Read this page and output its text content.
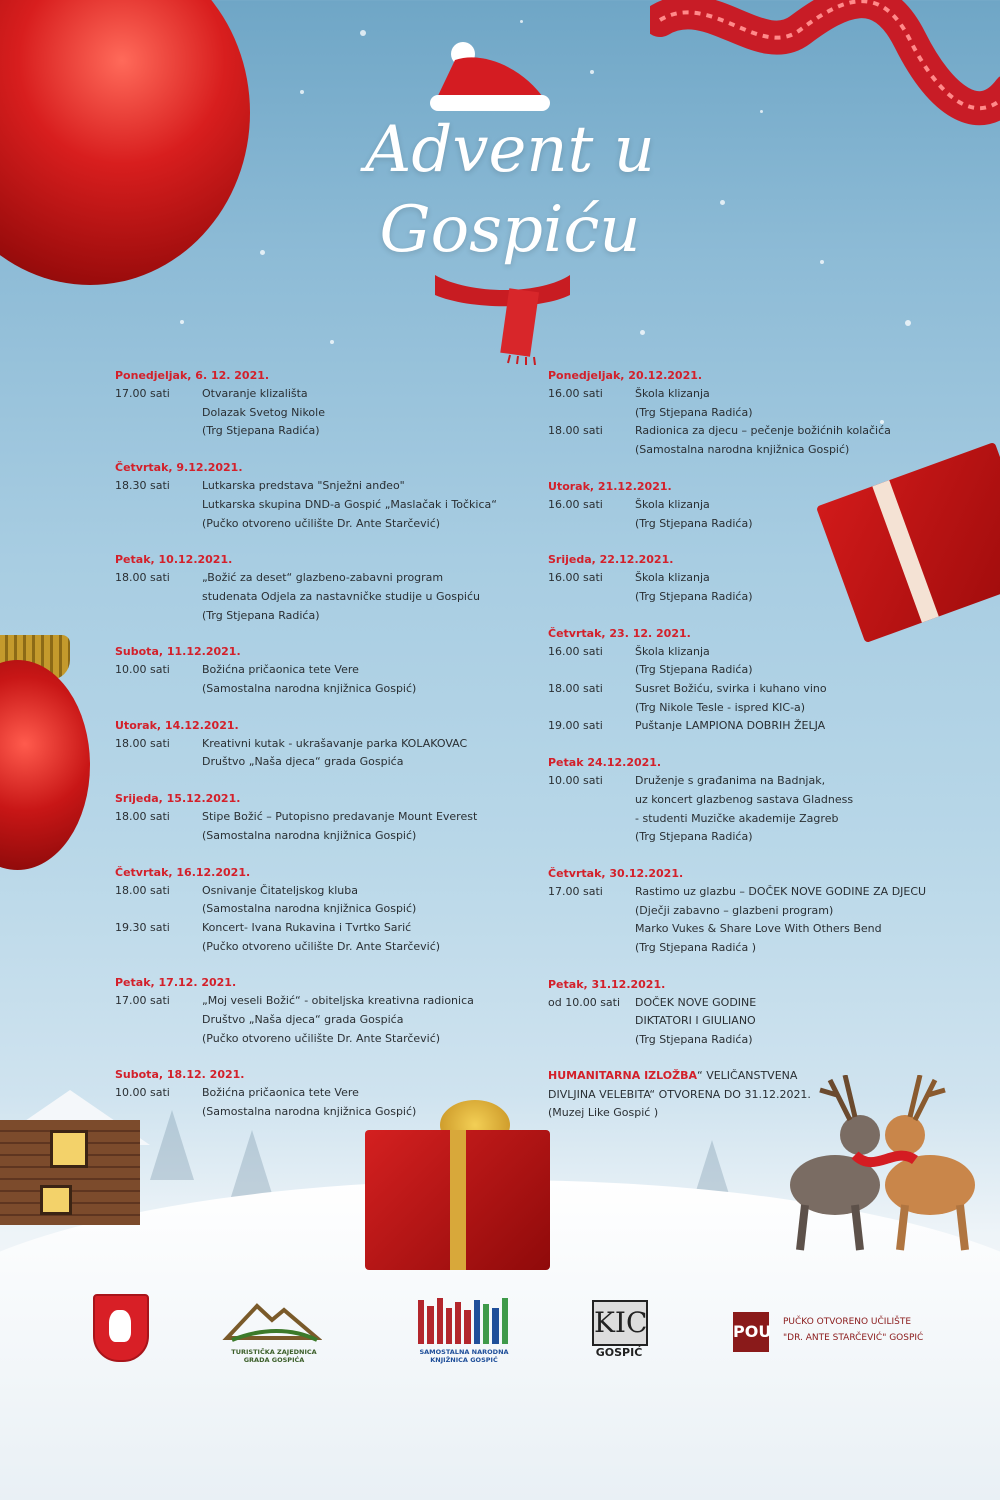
Advent u
Gospiću
Ponedjeljak, 6. 12. 2021.
17.00 sati	Otvaranje klizališta
Dolazak Svetog Nikole
(Trg Stjepana Radića)
Četvrtak, 9.12.2021.
18.30 sati	Lutkarska predstava "Snježni anđeo"
Lutkarska skupina DND-a Gospić „Maslačak i Točkica“
(Pučko otvoreno učilište Dr. Ante Starčević)
Petak, 10.12.2021.
18.00 sati	„Božić za deset“ glazbeno-zabavni program
studenata Odjela za nastavničke studije u Gospiću
(Trg Stjepana Radića)
Subota, 11.12.2021.
10.00 sati	Božićna pričaonica tete Vere
(Samostalna narodna knjižnica Gospić)
Utorak, 14.12.2021.
18.00 sati	Kreativni kutak - ukrašavanje parka KOLAKOVAC
Društvo „Naša djeca“ grada Gospića
Srijeda, 15.12.2021.
18.00 sati	Stipe Božić – Putopisno predavanje Mount Everest
(Samostalna narodna knjižnica Gospić)
Četvrtak, 16.12.2021.
18.00 sati	Osnivanje Čitateljskog kluba
(Samostalna narodna knjižnica Gospić)
19.30 sati	Koncert- Ivana Rukavina i Tvrtko Sarić
(Pučko otvoreno učilište Dr. Ante Starčević)
Petak, 17.12. 2021.
17.00 sati	„Moj veseli Božić“ - obiteljska kreativna radionica
Društvo „Naša djeca“ grada Gospića
(Pučko otvoreno učilište Dr. Ante Starčević)
Subota, 18.12. 2021.
10.00 sati	Božićna pričaonica tete Vere
(Samostalna narodna knjižnica Gospić)
Ponedjeljak, 20.12.2021.
16.00 sati	Škola klizanja
(Trg Stjepana Radića)
18.00 sati	Radionica za djecu – pečenje božićnih kolačića
(Samostalna narodna knjižnica Gospić)
Utorak, 21.12.2021.
16.00 sati	Škola klizanja
(Trg Stjepana Radića)
Srijeda, 22.12.2021.
16.00 sati	Škola klizanja
(Trg Stjepana Radića)
Četvrtak, 23. 12. 2021.
16.00 sati	Škola klizanja
(Trg Stjepana Radića)
18.00 sati	Susret Božiću, svirka i kuhano vino
(Trg Nikole Tesle - ispred KIC-a)
19.00 sati	Puštanje LAMPIONA DOBRIH ŽELJA
Petak 24.12.2021.
10.00 sati	Druženje s građanima na Badnjak,
uz koncert glazbenog sastava Gladness
- studenti Muzičke akademije Zagreb
(Trg Stjepana Radića)
Četvrtak, 30.12.2021.
17.00 sati	Rastimo uz glazbu – DOČEK NOVE GODINE ZA DJECU
(Dječji zabavno – glazbeni program)
Marko Vukes & Share Love With Others Bend
(Trg Stjepana Radića )
Petak, 31.12.2021.
od 10.00 sati	DOČEK NOVE GODINE
DIKTATORI I GIULIANO
(Trg Stjepana Radića)
HUMANITARNA IZLOŽBA“ VELIČANSTVENA
DIVLJINA VELEBITA“ OTVORENA DO 31.12.2021.
(Muzej Like Gospić )
TURISTIČKA ZAJEDNICA GRADA GOSPIĆA
SAMOSTALNA NARODNA KNJIŽNICA GOSPIĆ
KIC
GOSPIĆ
POU PUČKO OTVORENO UČILIŠTE
"DR. ANTE STARČEVIĆ" GOSPIĆ
